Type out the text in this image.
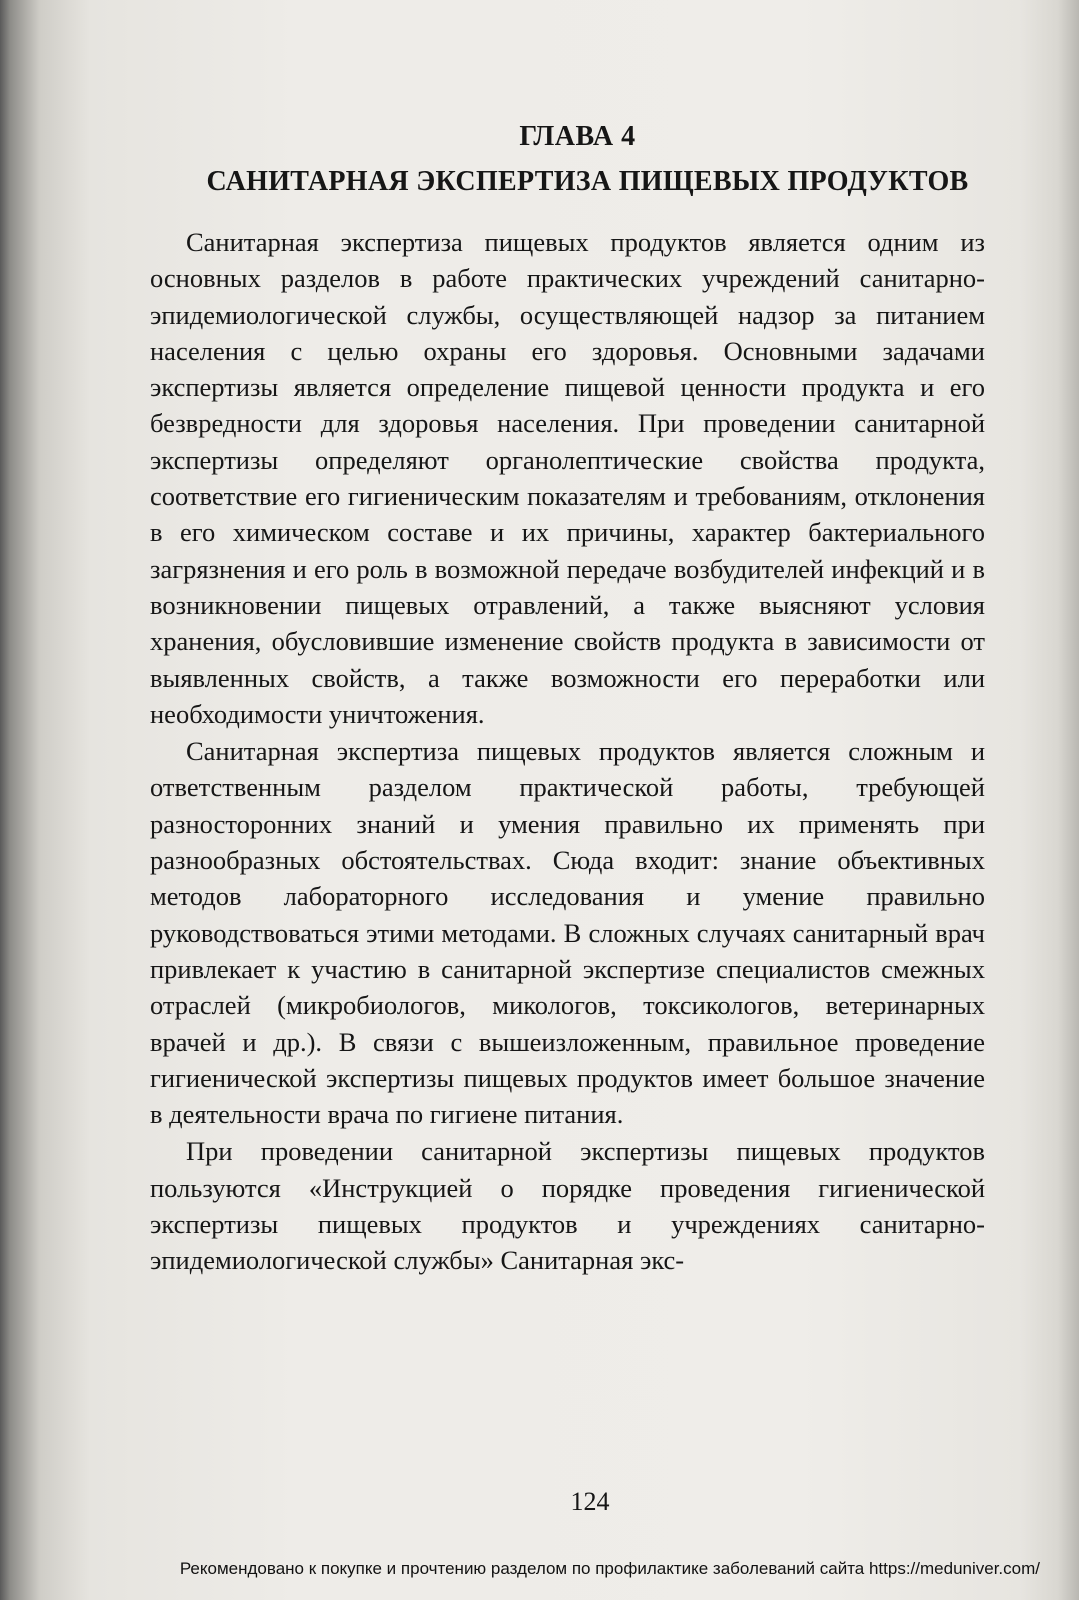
ГЛАВА 4
САНИТАРНАЯ ЭКСПЕРТИЗА ПИЩЕВЫХ ПРОДУКТОВ

Санитарная экспертиза пищевых продуктов является одним из основных разделов в работе практических учреждений санитарно-эпидемиологической службы, осуществляющей надзор за питанием населения с целью охраны его здоровья. Основными задачами экспертизы является определение пищевой ценности продукта и его безвредности для здоровья населения. При проведении санитарной экспертизы определяют органолептические свойства продукта, соответствие его гигиеническим показателям и требованиям, отклонения в его химическом составе и их причины, характер бактериального загрязнения и его роль в возможной передаче возбудителей инфекций и в возникновении пищевых отравлений, а также выясняют условия хранения, обусловившие изменение свойств продукта в зависимости от выявленных свойств, а также возможности его переработки или необходимости уничтожения.

Санитарная экспертиза пищевых продуктов является сложным и ответственным разделом практической работы, требующей разносторонних знаний и умения правильно их применять при разнообразных обстоятельствах. Сюда входит: знание объективных методов лабораторного исследования и умение правильно руководствоваться этими методами. В сложных случаях санитарный врач привлекает к участию в санитарной экспертизе специалистов смежных отраслей (микробиологов, микологов, токсикологов, ветеринарных врачей и др.). В связи с вышеизложенным, правильное проведение гигиенической экспертизы пищевых продуктов имеет большое значение в деятельности врача по гигиене питания.

При проведении санитарной экспертизы пищевых продуктов пользуются «Инструкцией о порядке проведения гигиенической экспертизы пищевых продуктов и учреждениях санитарно-эпидемиологической службы» Санитарная экс-

124
Рекомендовано к покупке и прочтению разделом по профилактике заболеваний сайта https://meduniver.com/
